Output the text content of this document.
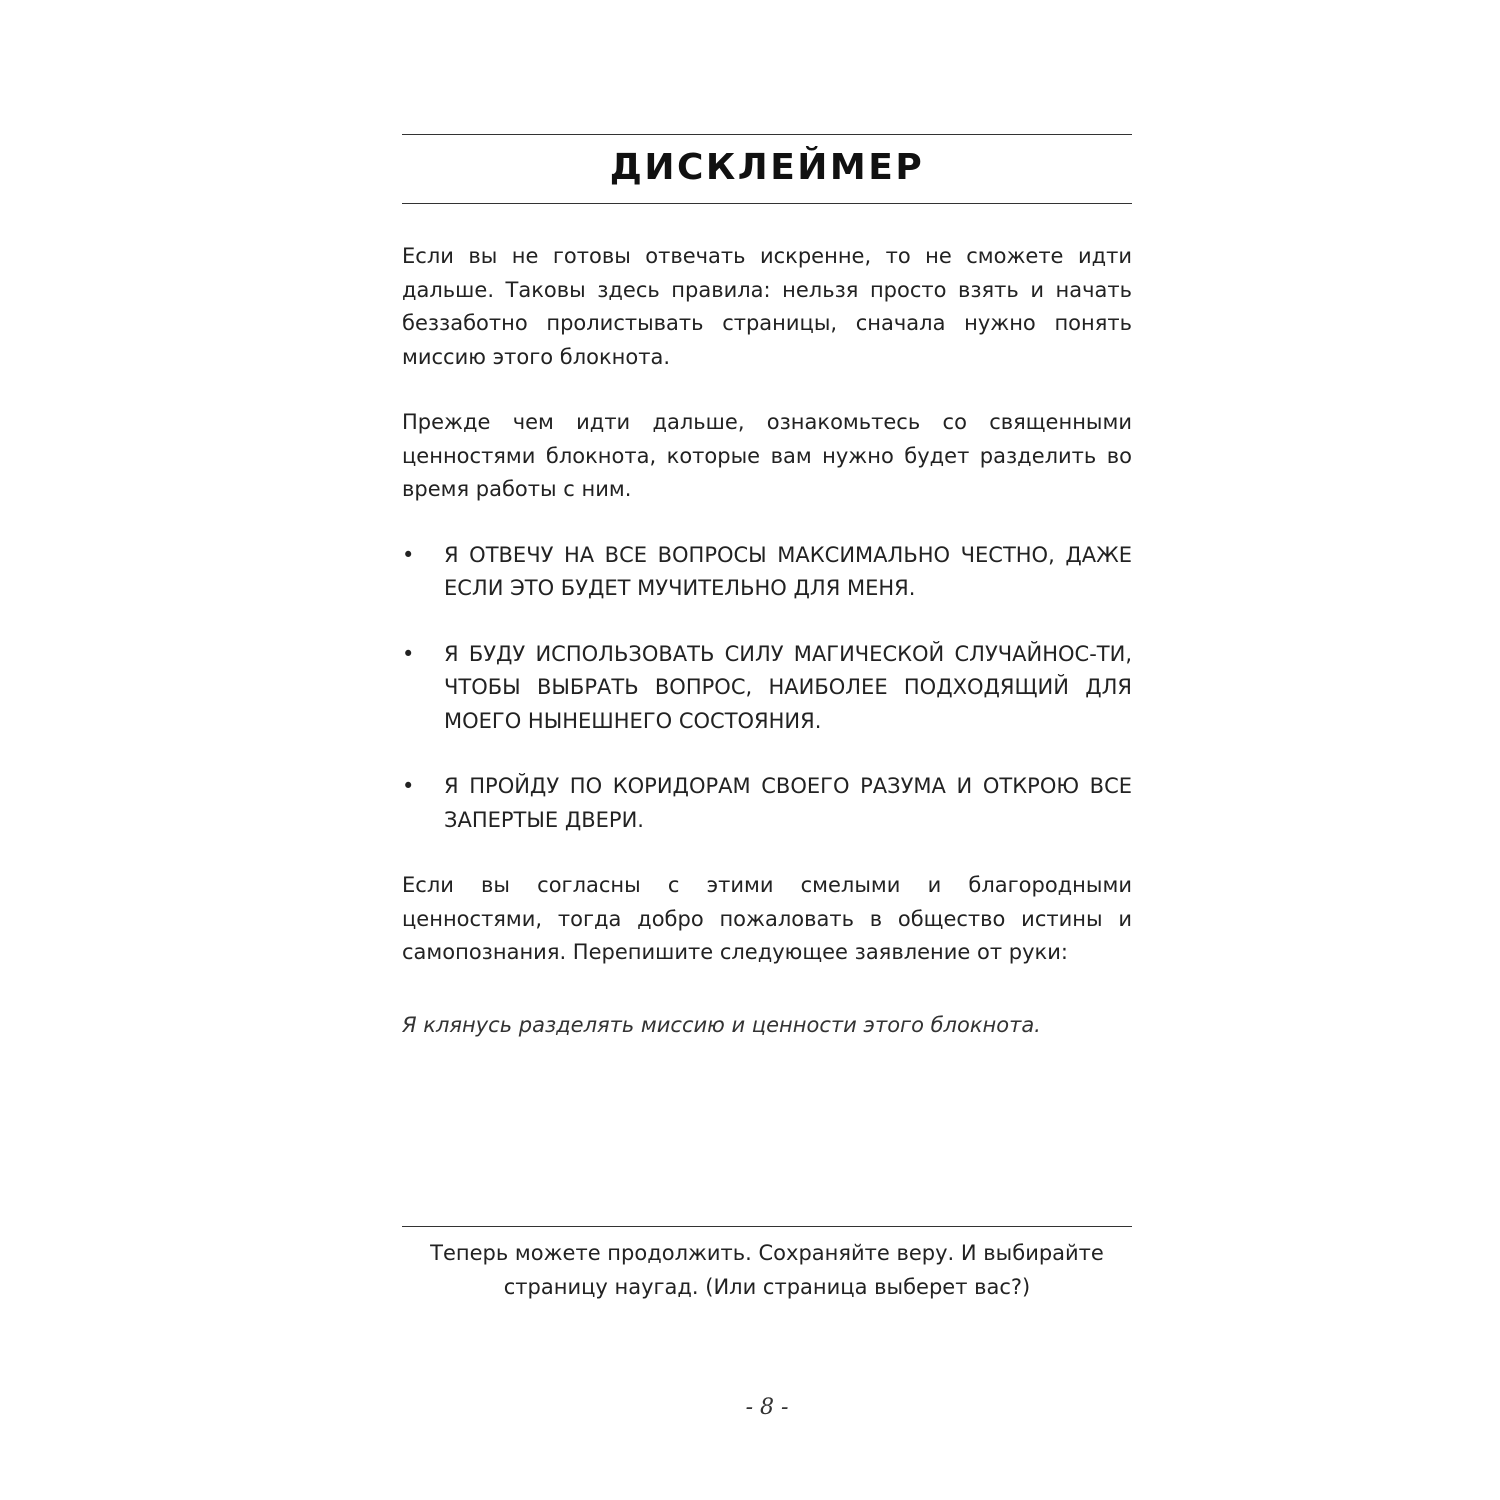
ДИСКЛЕЙМЕР

Если вы не готовы отвечать искренне, то не сможете идти дальше. Таковы здесь правила: нельзя просто взять и начать беззаботно пролистывать страницы, сначала нужно понять миссию этого блокнота.

Прежде чем идти дальше, ознакомьтесь со священными ценностями блокнота, которые вам нужно будет разделить во время работы с ним.

• Я ОТВЕЧУ НА ВСЕ ВОПРОСЫ МАКСИМАЛЬНО ЧЕСТНО, ДАЖЕ ЕСЛИ ЭТО БУДЕТ МУЧИТЕЛЬНО ДЛЯ МЕНЯ.
• Я БУДУ ИСПОЛЬЗОВАТЬ СИЛУ МАГИЧЕСКОЙ СЛУЧАЙНОС-ТИ, ЧТОБЫ ВЫБРАТЬ ВОПРОС, НАИБОЛЕЕ ПОДХОДЯЩИЙ ДЛЯ МОЕГО НЫНЕШНЕГО СОСТОЯНИЯ.
• Я ПРОЙДУ ПО КОРИДОРАМ СВОЕГО РАЗУМА И ОТКРОЮ ВСЕ ЗАПЕРТЫЕ ДВЕРИ.

Если вы согласны с этими смелыми и благородными ценностями, тогда добро пожаловать в общество истины и самопознания. Перепишите следующее заявление от руки:

Я клянусь разделять миссию и ценности этого блокнота.

Теперь можете продолжить. Сохраняйте веру. И выбирайте страницу наугад. (Или страница выберет вас?)

- 8 -
